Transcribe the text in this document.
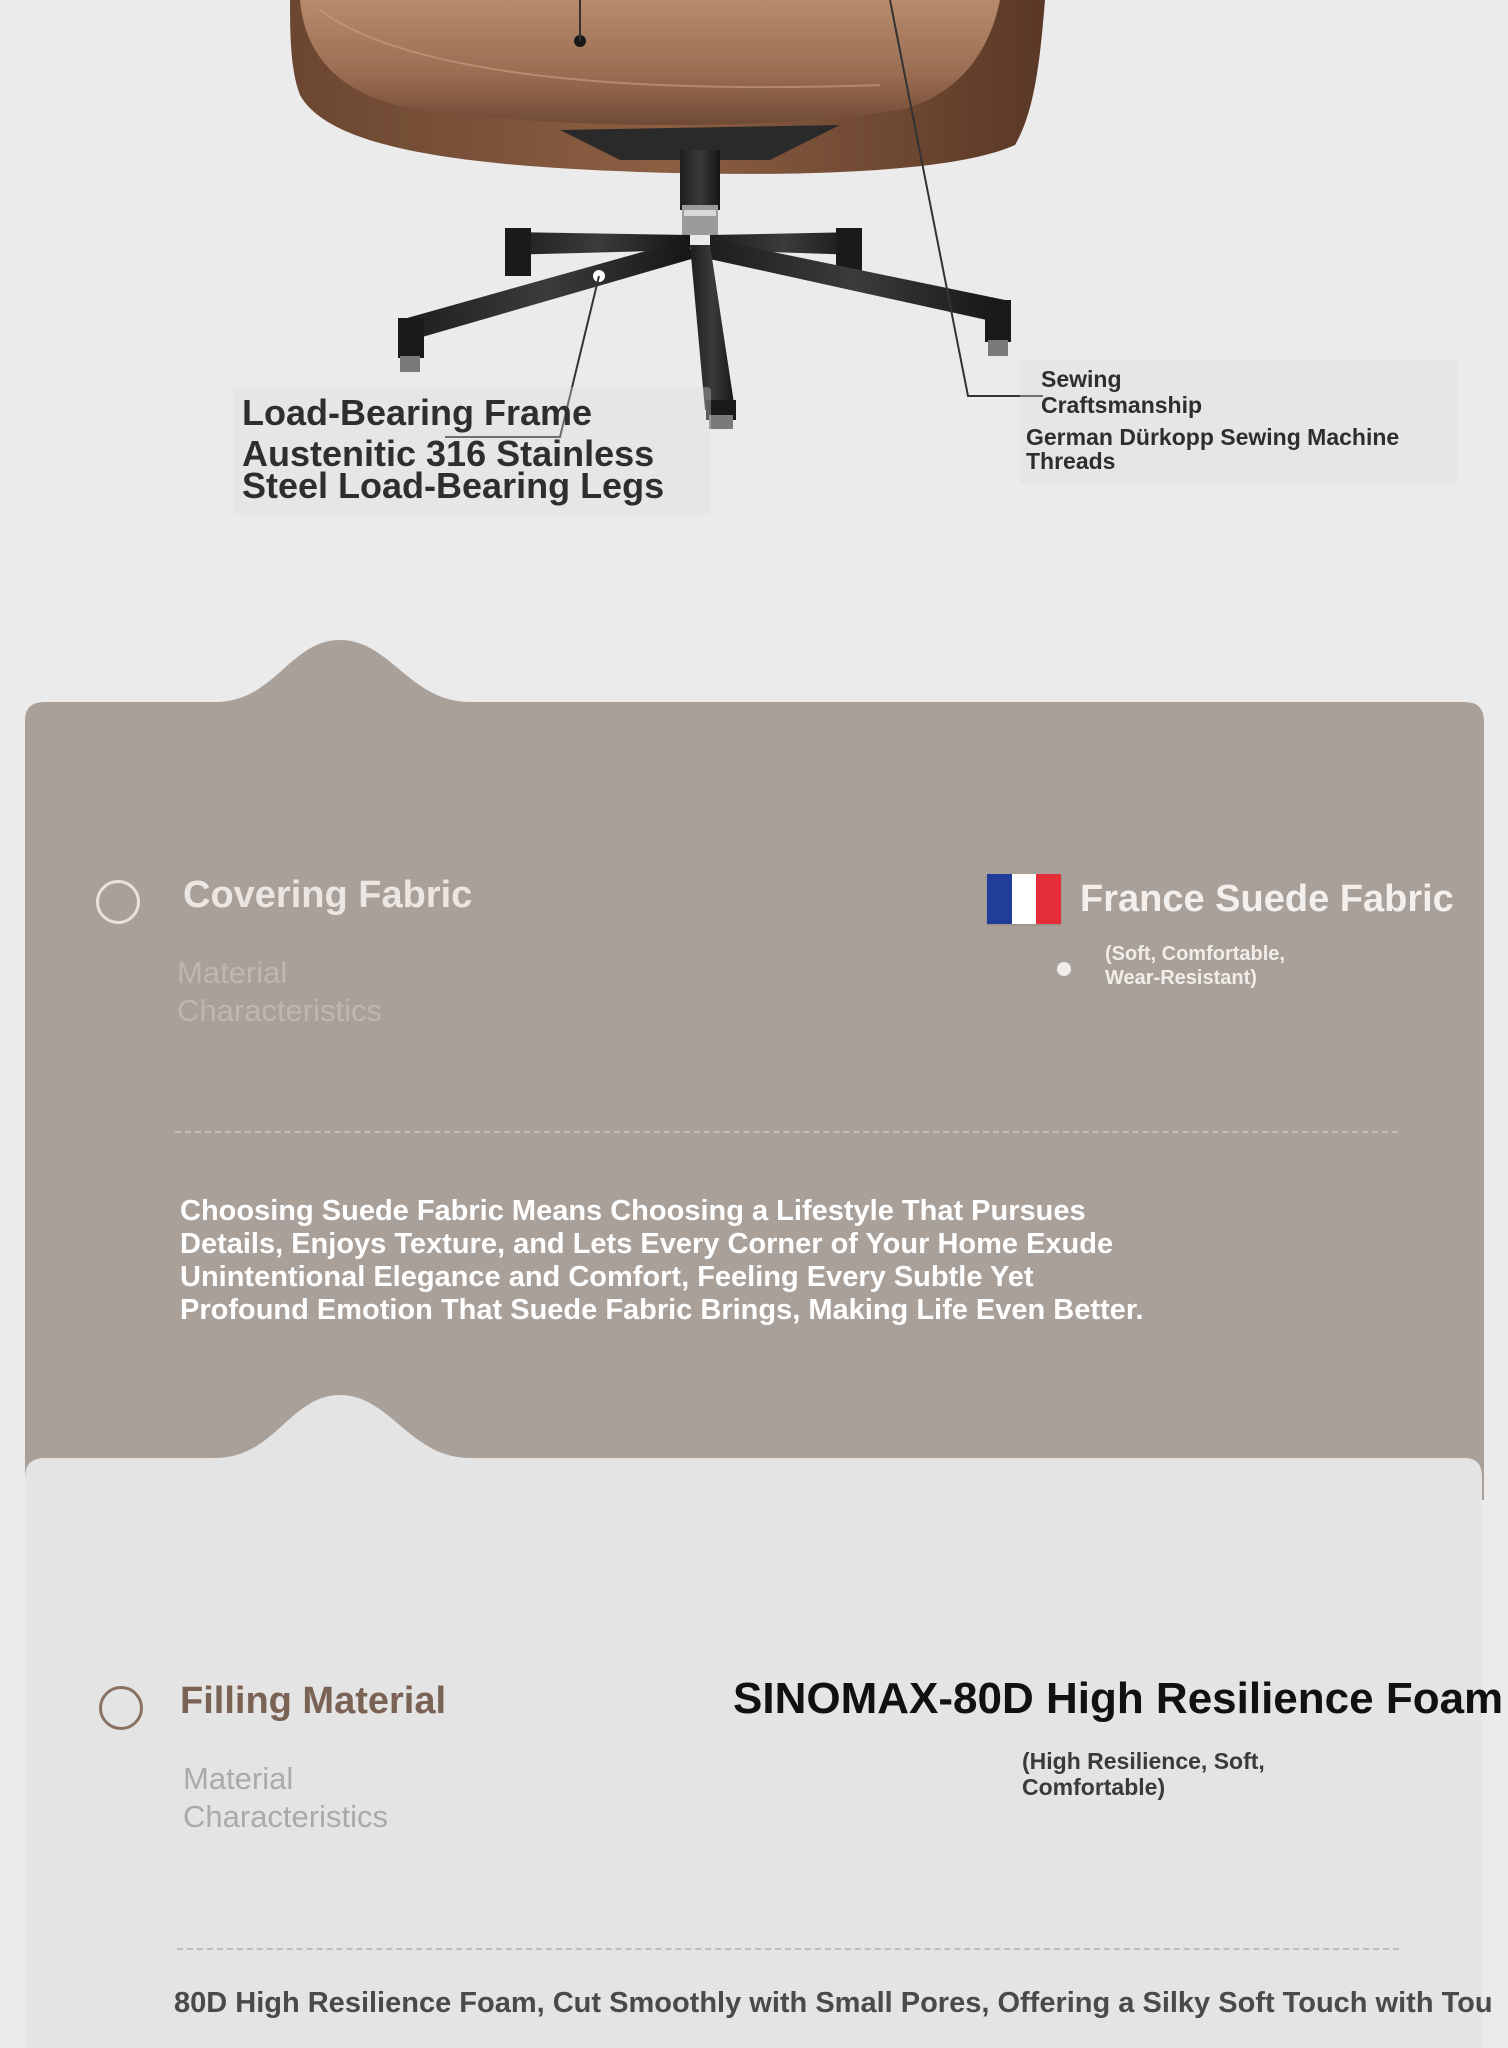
Load-Bearing Frame
Austenitic 316 Stainless
Steel Load-Bearing Legs
Sewing
Craftsmanship
German Dürkopp Sewing Machine
Threads
Covering Fabric
Material
Characteristics
France Suede Fabric
(Soft, Comfortable,
Wear-Resistant)
Choosing Suede Fabric Means Choosing a Lifestyle That Pursues Details, Enjoys Texture, and Lets Every Corner of Your Home Exude Unintentional Elegance and Comfort, Feeling Every Subtle Yet Profound Emotion That Suede Fabric Brings, Making Life Even Better.
Filling Material
Material
Characteristics
SINOMAX-80D High Resilience Foam
(High Resilience, Soft,
Comfortable)
80D High Resilience Foam, Cut Smoothly with Small Pores, Offering a Silky Soft Touch with Tou
